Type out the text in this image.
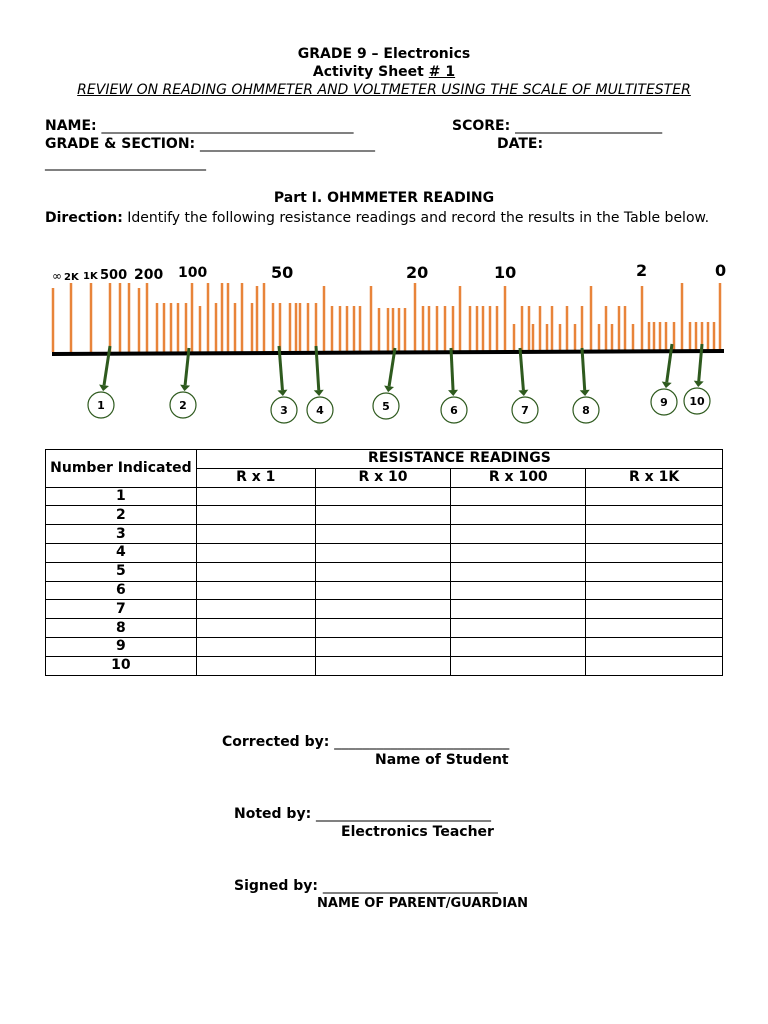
GRADE 9 – Electronics
Activity Sheet # 1
REVIEW ON READING OHMMETER AND VOLTMETER USING THE SCALE OF MULTITESTER
NAME: ____________________________________	SCORE: _____________________
GRADE & SECTION: _________________________	DATE:
_______________________
Part I. OHMMETER READING
Direction: Identify the following resistance readings and record the results in the Table below.
∞ 2K 1K 500 200 100	50	20	10	2	0
1	2	3	4	5	6	7	8
9 10
Number Indicated	RESISTANCE READINGS			
	R x 1	R x 10	R x 100	R x 1K
1				
2				
3				
4				
5				
6				
7				
8				
9				
10				
Corrected by: _________________________
Name of Student
Noted by: _________________________
Electronics Teacher
Signed by: _________________________
NAME OF PARENT/GUARDIAN
